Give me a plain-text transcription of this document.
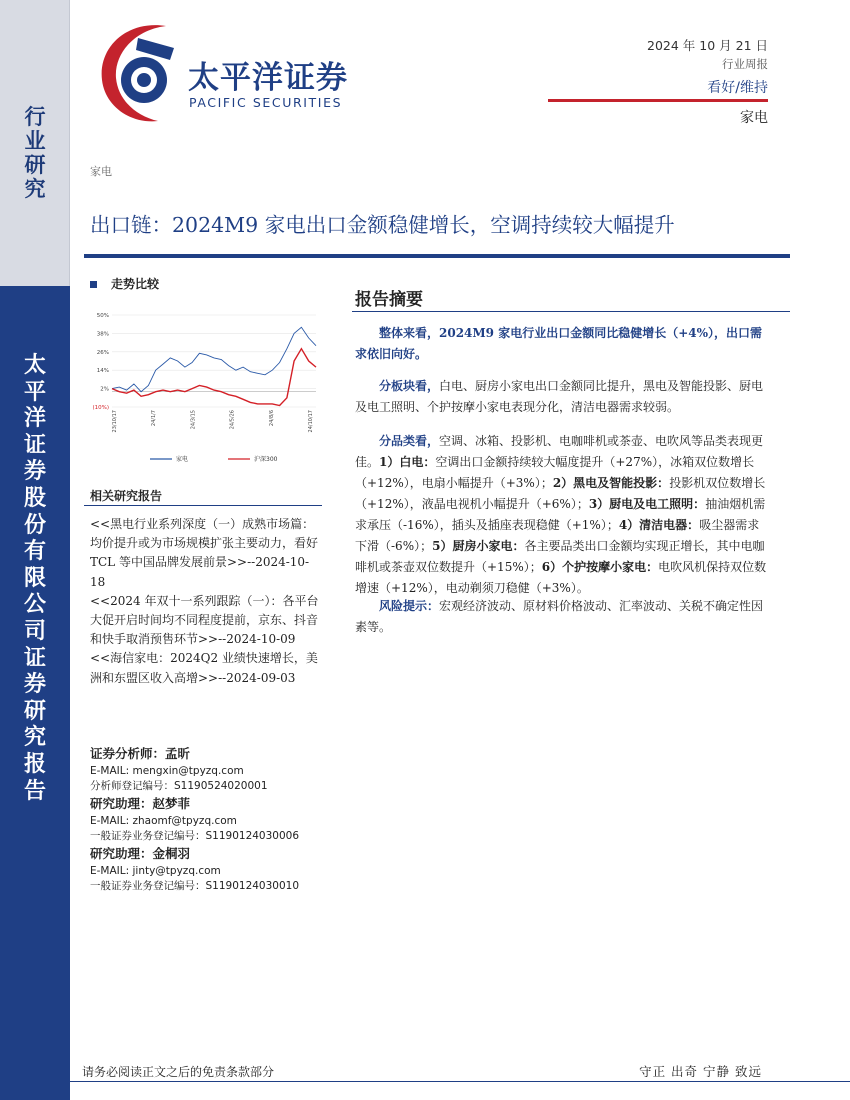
行
业
研
究
太
平
洋
证
券
股
份
有
限
公
司
证
券
研
究
报
告
太平洋证券
PACIFIC SECURITIES
2024 年 10 月 21 日
行业周报
看好/维持
家电
家电
出口链：2024M9 家电出口金额稳健增长，空调持续较大幅提升
走势比较
50%
38%
26%
14%
2%
(10%)
23/10/17	24/1/7	24/3/15	24/5/26	24/8/6	24/10/17
家电	沪深300
相关研究报告
<<黑电行业系列深度（一）成熟市场篇：均价提升或为市场规模扩张主要动力，看好 TCL 等中国品牌发展前景>>--2024-10-18
<<2024 年双十一系列跟踪（一）：各平台大促开启时间均不同程度提前，京东、抖音和快手取消预售环节>>--2024-10-09
<<海信家电：2024Q2 业绩快速增长，美洲和东盟区收入高增>>--2024-09-03
证券分析师：孟昕
E-MAIL: mengxin@tpyzq.com
分析师登记编号：S1190524020001
研究助理：赵梦菲
E-MAIL: zhaomf@tpyzq.com
一般证券业务登记编号：S1190124030006
研究助理：金桐羽
E-MAIL: jinty@tpyzq.com
一般证券业务登记编号：S1190124030010
报告摘要

整体来看，2024M9 家电行业出口金额同比稳健增长（+4%），出口需求依旧向好。

分板块看，白电、厨房小家电出口金额同比提升，黑电及智能投影、厨电及电工照明、个护按摩小家电表现分化，清洁电器需求较弱。

分品类看，空调、冰箱、投影机、电咖啡机或茶壶、电吹风等品类表现更佳。1）白电：空调出口金额持续较大幅度提升（+27%），冰箱双位数增长（+12%），电扇小幅提升（+3%）；2）黑电及智能投影：投影机双位数增长（+12%），液晶电视机小幅提升（+6%）；3）厨电及电工照明：抽油烟机需求承压（-16%），插头及插座表现稳健（+1%）；4）清洁电器：吸尘器需求下滑（-6%）；5）厨房小家电：各主要品类出口金额均实现正增长，其中电咖啡机或茶壶双位数提升（+15%）；6）个护按摩小家电：电吹风机保持双位数增速（+12%），电动剃须刀稳健（+3%）。

风险提示：宏观经济波动、原材料价格波动、汇率波动、关税不确定性因素等。

请务必阅读正文之后的免责条款部分	守正 出奇 宁静 致远
